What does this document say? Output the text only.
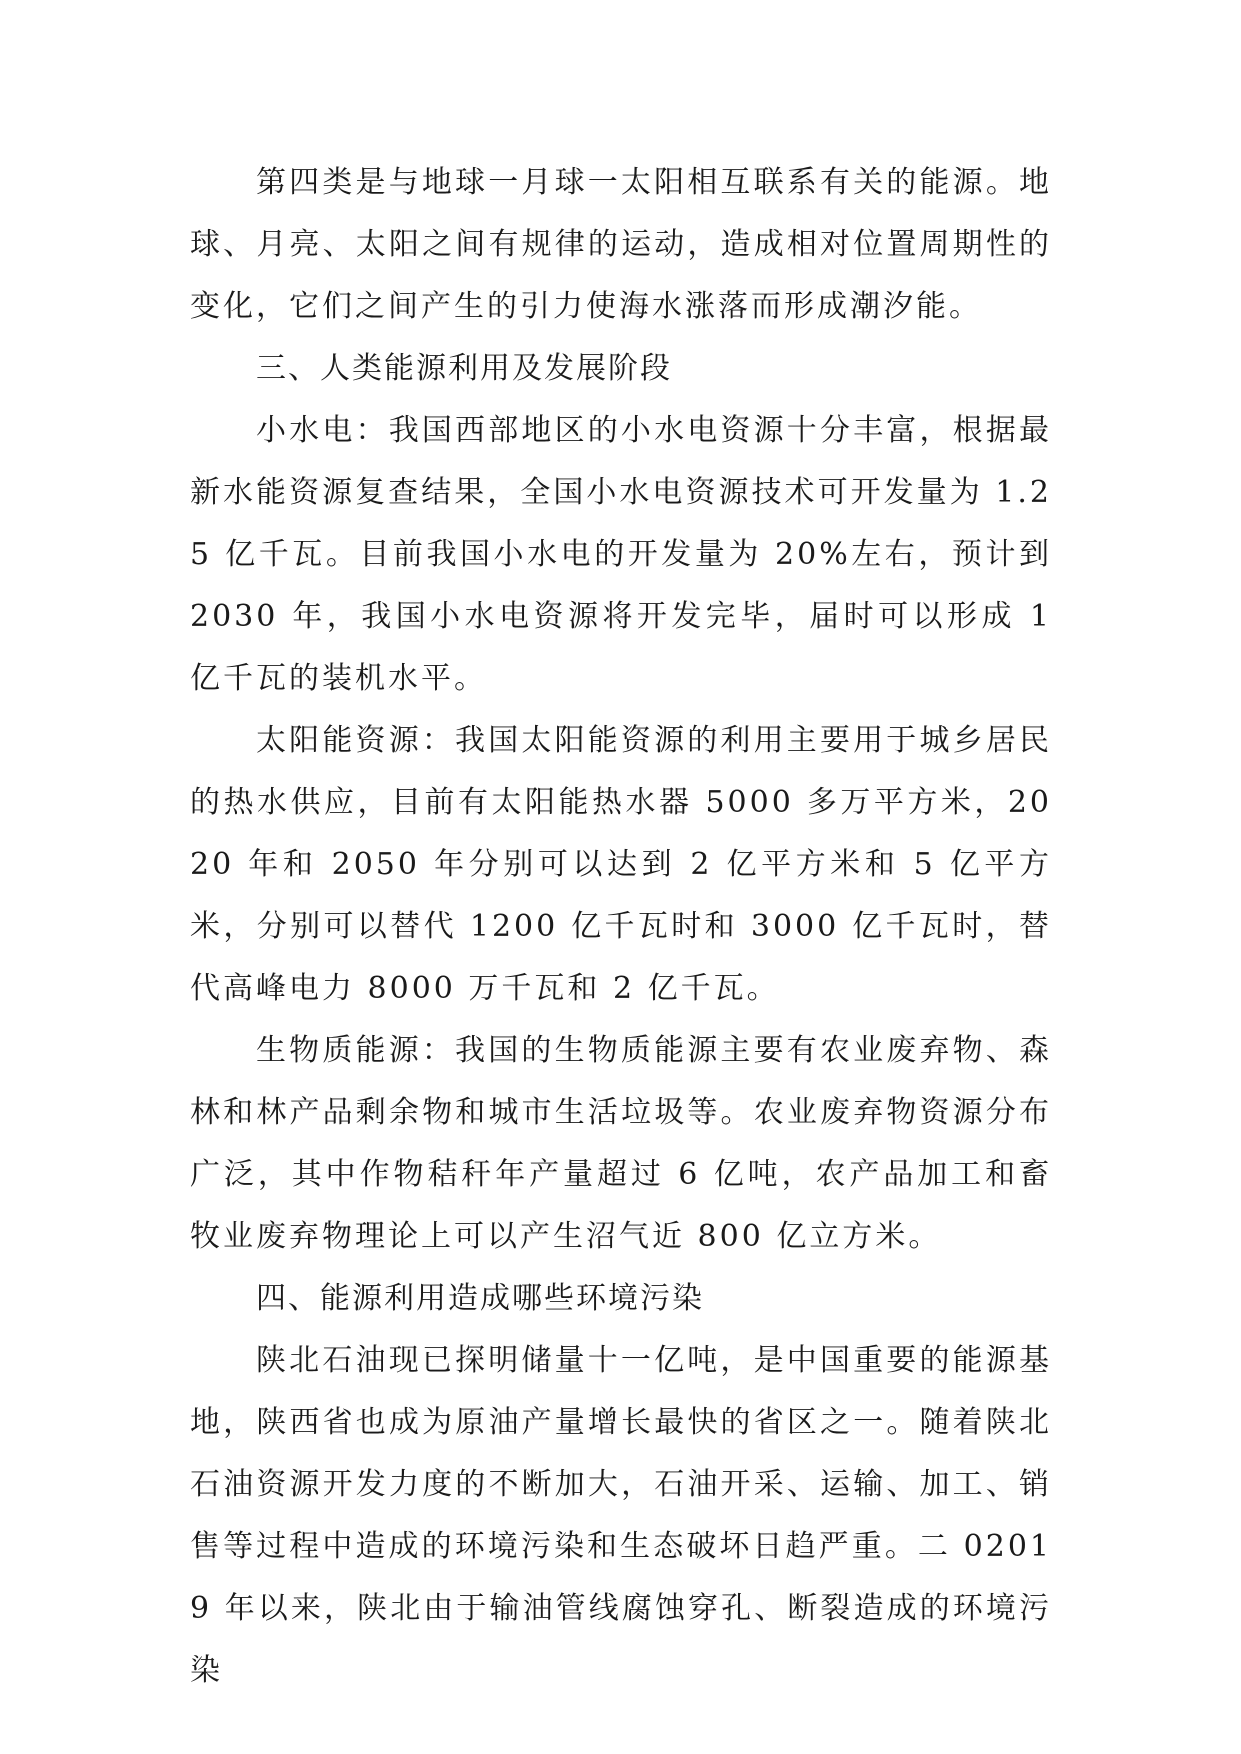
第四类是与地球一月球一太阳相互联系有关的能源。地球、月亮、太阳之间有规律的运动，造成相对位置周期性的变化，它们之间产生的引力使海水涨落而形成潮汐能。

三、人类能源利用及发展阶段

小水电：我国西部地区的小水电资源十分丰富，根据最新水能资源复查结果，全国小水电资源技术可开发量为 1.25 亿千瓦。目前我国小水电的开发量为 20%左右，预计到 2030 年，我国小水电资源将开发完毕，届时可以形成 1 亿千瓦的装机水平。

太阳能资源：我国太阳能资源的利用主要用于城乡居民的热水供应，目前有太阳能热水器 5000 多万平方米，2020 年和 2050 年分别可以达到 2 亿平方米和 5 亿平方米，分别可以替代 1200 亿千瓦时和 3000 亿千瓦时，替代高峰电力 8000 万千瓦和 2 亿千瓦。

生物质能源：我国的生物质能源主要有农业废弃物、森林和林产品剩余物和城市生活垃圾等。农业废弃物资源分布广泛，其中作物秸秆年产量超过 6 亿吨，农产品加工和畜牧业废弃物理论上可以产生沼气近 800 亿立方米。

四、能源利用造成哪些环境污染

陕北石油现已探明储量十一亿吨，是中国重要的能源基地，陕西省也成为原油产量增长最快的省区之一。随着陕北石油资源开发力度的不断加大，石油开采、运输、加工、销售等过程中造成的环境污染和生态破坏日趋严重。二 02019 年以来，陕北由于输油管线腐蚀穿孔、断裂造成的环境污染
